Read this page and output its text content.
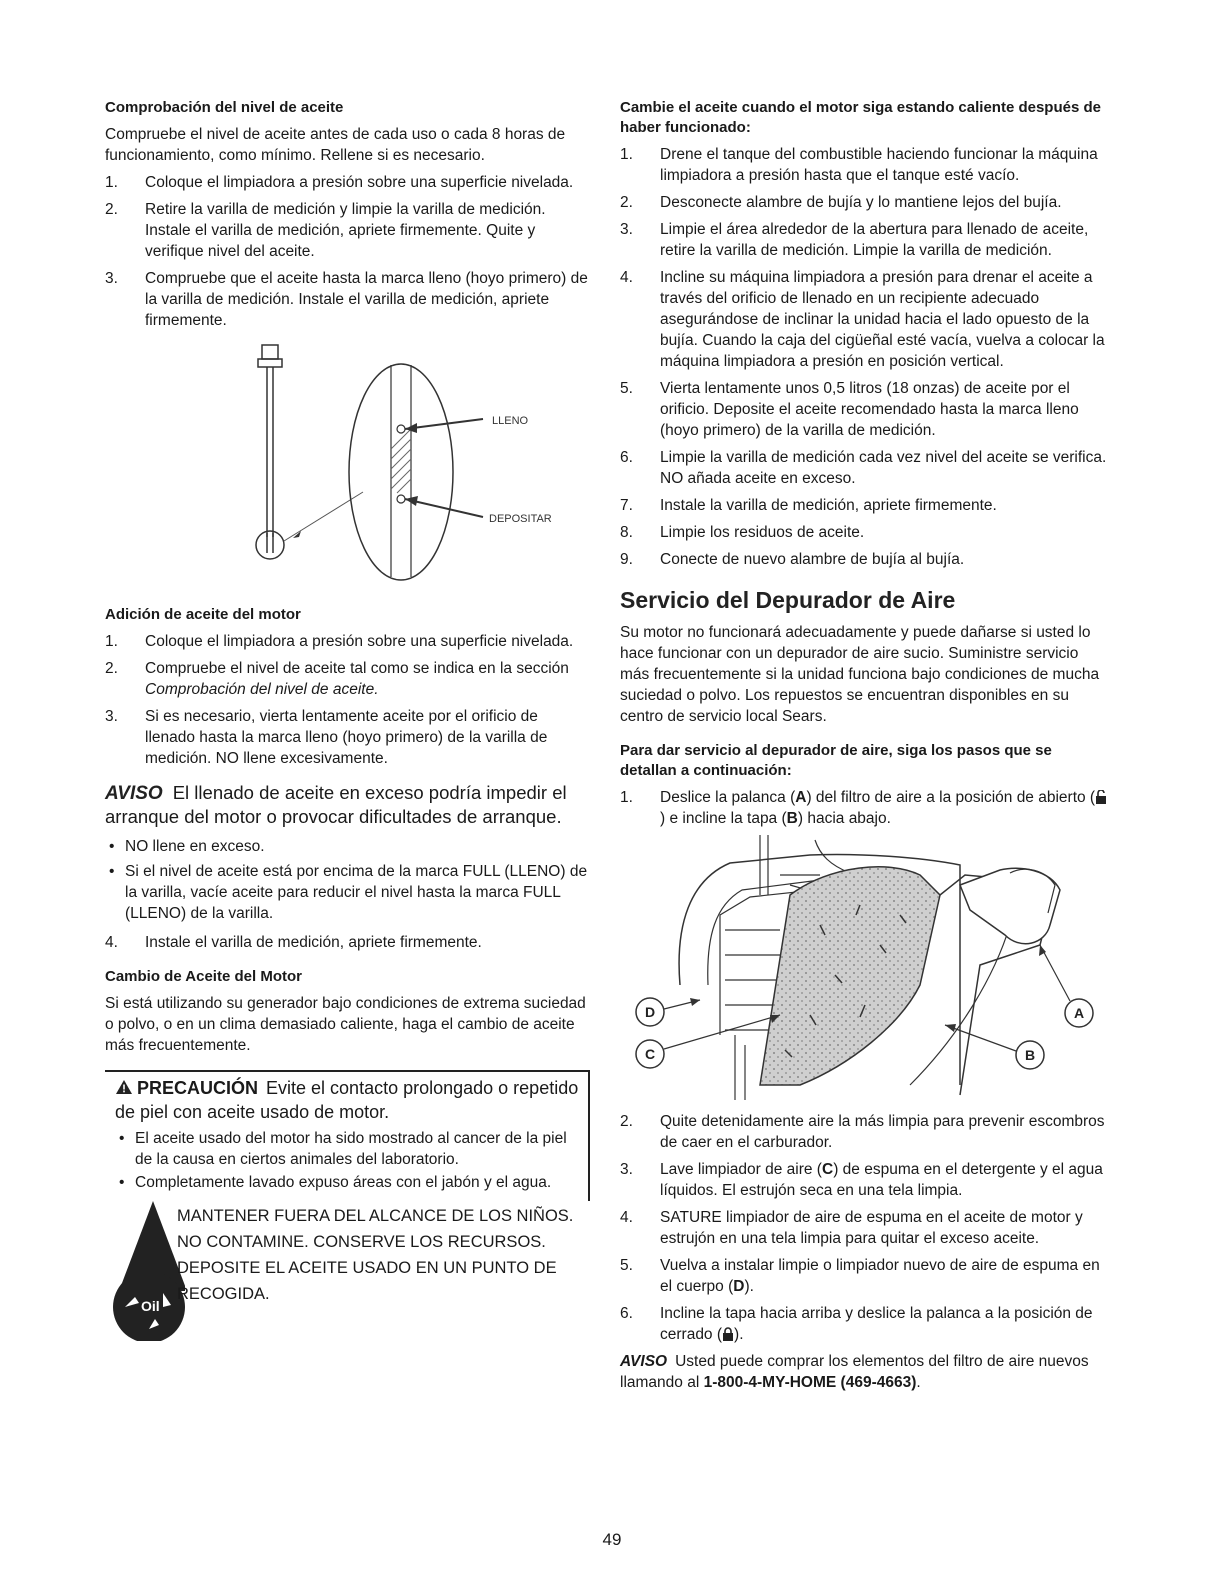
Comprobación del nivel de aceite

Compruebe el nivel de aceite antes de cada uso o cada 8 horas de funcionamiento, como mínimo. Rellene si es necesario.

1. Coloque el limpiadora a presión sobre una superficie nivelada.
2. Retire la varilla de medición y limpie la varilla de medición. Instale el varilla de medición, apriete firmemente. Quite y verifique nivel del aceite.
3. Compruebe que el aceite hasta la marca lleno (hoyo primero) de la varilla de medición. Instale el varilla de medición, apriete firmemente.
LLENO
DEPOSITAR
Adición de aceite del motor
1. Coloque el limpiadora a presión sobre una superficie nivelada.
2. Compruebe el nivel de aceite tal como se indica en la sección
Comprobación del nivel de aceite.
3. Si es necesario, vierta lentamente aceite por el orificio de llenado hasta la marca lleno (hoyo primero) de la varilla de medición. NO llene excesivamente.
AVISO El llenado de aceite en exceso podría impedir el arranque del motor o provocar dificultades de arranque.
• NO llene en exceso.
• Si el nivel de aceite está por encima de la marca FULL (LLENO) de la varilla, vacíe aceite para reducir el nivel hasta la marca FULL (LLENO) de la varilla.
4. Instale el varilla de medición, apriete firmemente.
Cambio de Aceite del Motor

Si está utilizando su generador bajo condiciones de extrema suciedad o polvo, o en un clima demasiado caliente, haga el cambio de aceite más frecuentemente.

PRECAUCIÓN Evite el contacto prolongado o repetido de piel con aceite usado de motor.
• El aceite usado del motor ha sido mostrado al cancer de la piel de la causa en ciertos animales del laboratorio.
• Completamente lavado expuso áreas con el jabón y el agua.
Oil
MANTENER FUERA DEL ALCANCE DE LOS NIÑOS. NO CONTAMINE. CONSERVE LOS RECURSOS. DEPOSITE EL ACEITE USADO EN UN PUNTO DE RECOGIDA.
Cambie el aceite cuando el motor siga estando caliente después de haber funcionado:
1. Drene el tanque del combustible haciendo funcionar la máquina limpiadora a presión hasta que el tanque esté vacío.
2. Desconecte alambre de bujía y lo mantiene lejos del bujía.
3. Limpie el área alrededor de la abertura para llenado de aceite, retire la varilla de medición. Limpie la varilla de medición.
4. Incline su máquina limpiadora a presión para drenar el aceite a través del orificio de llenado en un recipiente adecuado asegurándose de inclinar la unidad hacia el lado opuesto de la bujía. Cuando la caja del cigüeñal esté vacía, vuelva a colocar la máquina limpiadora a presión en posición vertical.
5. Vierta lentamente unos 0,5 litros (18 onzas) de aceite por el orificio. Deposite el aceite recomendado hasta la marca lleno (hoyo primero) de la varilla de medición.
6. Limpie la varilla de medición cada vez nivel del aceite se verifica. NO añada aceite en exceso.
7. Instale la varilla de medición, apriete firmemente.
8. Limpie los residuos de aceite.
9. Conecte de nuevo alambre de bujía al bujía.
Servicio del Depurador de Aire

Su motor no funcionará adecuadamente y puede dañarse si usted lo hace funcionar con un depurador de aire sucio. Suministre servicio más frecuentemente si la unidad funciona bajo condiciones de mucha suciedad o polvo. Los repuestos se encuentran disponibles en su centro de servicio local Sears.

Para dar servicio al depurador de aire, siga los pasos que se detallan a continuación:
1. Deslice la palanca (A) del filtro de aire a la posición de abierto () e incline la tapa (B) hacia abajo.
D
C
A
B
2. Quite detenidamente aire la más limpia para prevenir escombros de caer en el carburador.
3. Lave limpiador de aire (C) de espuma en el detergente y el agua líquidos. El estrujón seca en una tela limpia.
4. SATURE limpiador de aire de espuma en el aceite de motor y estrujón en una tela limpia para quitar el exceso aceite.
5. Vuelva a instalar limpie o limpiador nuevo de aire de espuma en el cuerpo (D).
6. Incline la tapa hacia arriba y deslice la palanca a la posición de cerrado ( ).
AVISO Usted puede comprar los elementos del filtro de aire nuevos llamando al 1-800-4-MY-HOME (469-4663).
49
